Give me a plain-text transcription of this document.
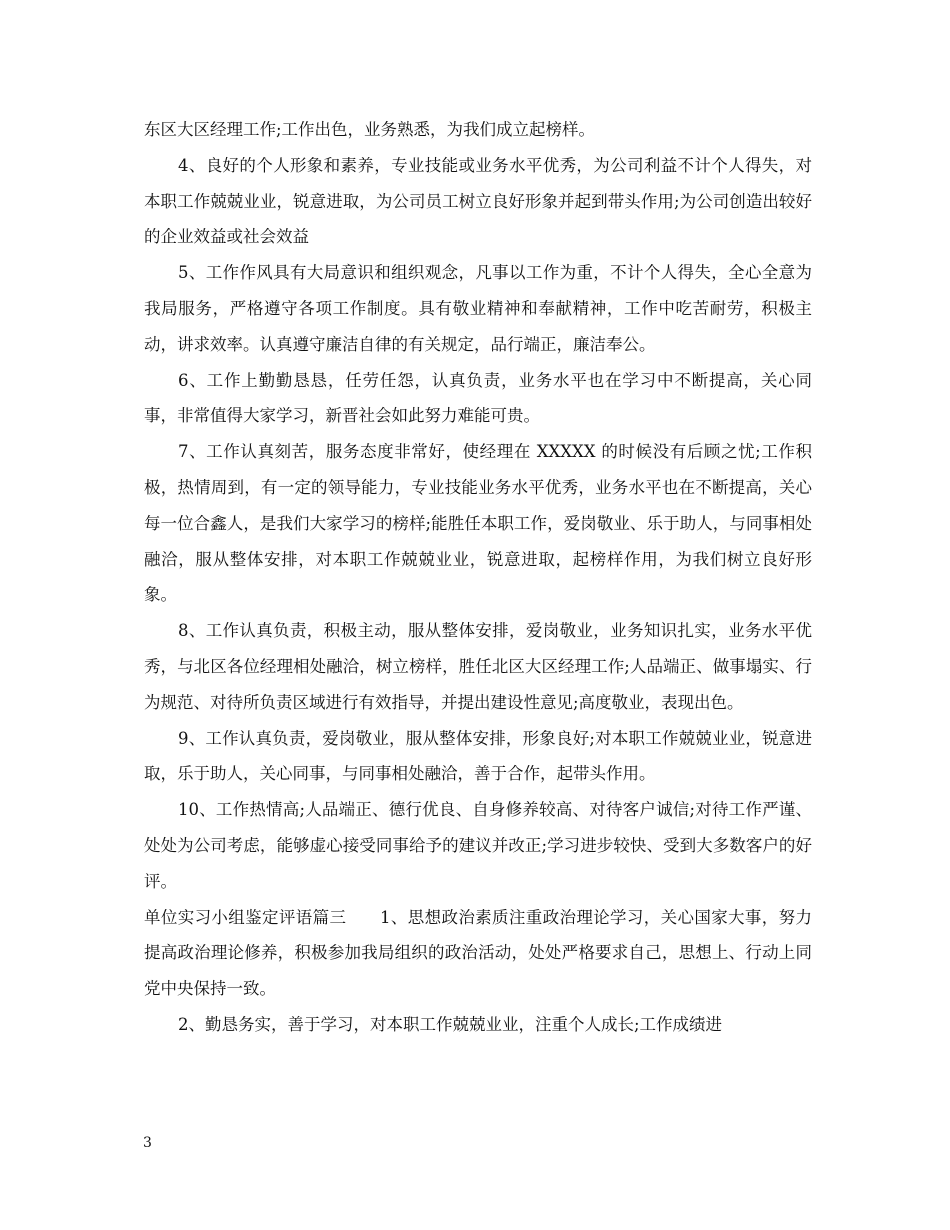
东区大区经理工作;工作出色，业务熟悉，为我们成立起榜样。

4、良好的个人形象和素养，专业技能或业务水平优秀，为公司利益不计个人得失，对本职工作兢兢业业，锐意进取，为公司员工树立良好形象并起到带头作用;为公司创造出较好的企业效益或社会效益

5、工作作风具有大局意识和组织观念，凡事以工作为重，不计个人得失，全心全意为我局服务，严格遵守各项工作制度。具有敬业精神和奉献精神，工作中吃苦耐劳，积极主动，讲求效率。认真遵守廉洁自律的有关规定，品行端正，廉洁奉公。

6、工作上勤勤恳恳，任劳任怨，认真负责，业务水平也在学习中不断提高，关心同事，非常值得大家学习，新晋社会如此努力难能可贵。

7、工作认真刻苦，服务态度非常好，使经理在 XXXXX 的时候没有后顾之忧;工作积极，热情周到，有一定的领导能力，专业技能业务水平优秀，业务水平也在不断提高，关心每一位合鑫人，是我们大家学习的榜样;能胜任本职工作，爱岗敬业、乐于助人，与同事相处融洽，服从整体安排，对本职工作兢兢业业，锐意进取，起榜样作用，为我们树立良好形象。

8、工作认真负责，积极主动，服从整体安排，爱岗敬业，业务知识扎实，业务水平优秀，与北区各位经理相处融洽，树立榜样，胜任北区大区经理工作;人品端正、做事塌实、行为规范、对待所负责区域进行有效指导，并提出建设性意见;高度敬业，表现出色。

9、工作认真负责，爱岗敬业，服从整体安排，形象良好;对本职工作兢兢业业，锐意进取，乐于助人，关心同事，与同事相处融洽，善于合作，起带头作用。

10、工作热情高;人品端正、德行优良、自身修养较高、对待客户诚信;对待工作严谨、处处为公司考虑，能够虚心接受同事给予的建议并改正;学习进步较快、受到大多数客户的好评。

单位实习小组鉴定评语篇三　　1、思想政治素质注重政治理论学习，关心国家大事，努力提高政治理论修养，积极参加我局组织的政治活动，处处严格要求自己，思想上、行动上同党中央保持一致。

2、勤恳务实，善于学习，对本职工作兢兢业业，注重个人成长;工作成绩进

3
